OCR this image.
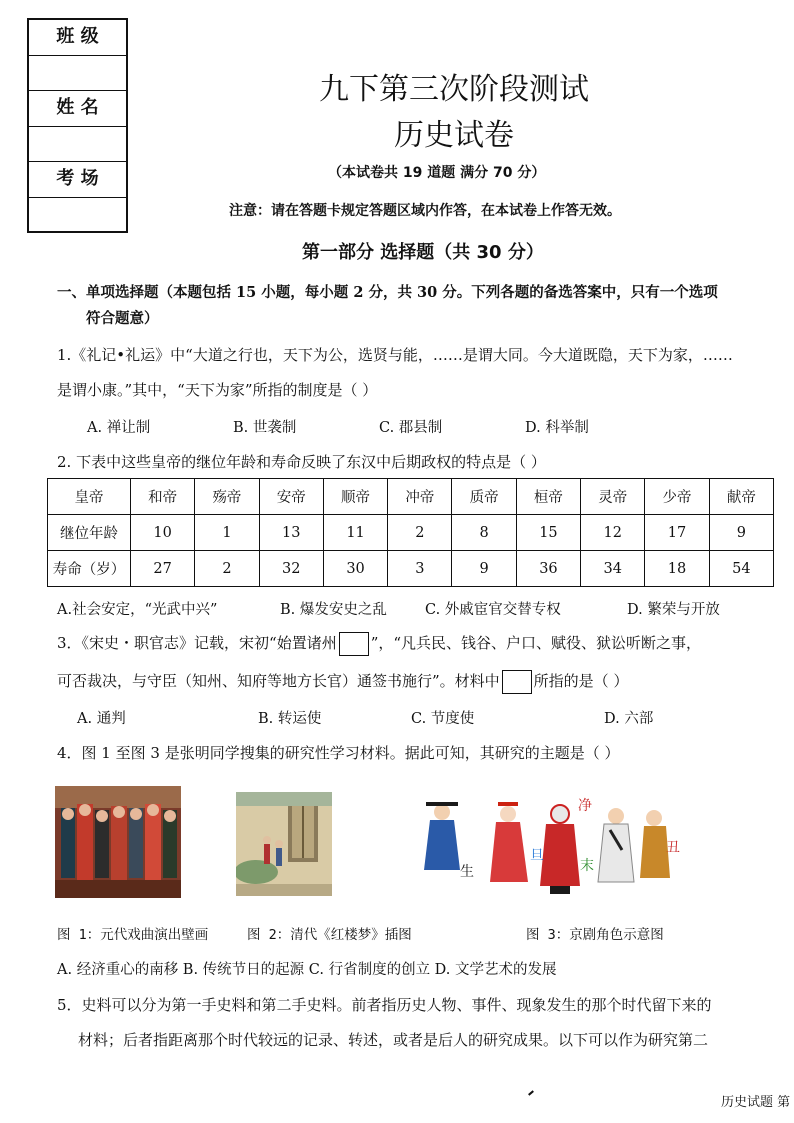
班 级
姓 名
考 场
九下第三次阶段测试
历史试卷
（本试卷共 19 道题 满分 70 分）
注意：请在答题卡规定答题区域内作答，在本试卷上作答无效。
第一部分 选择题（共 30 分）
一、单项选择题（本题包括 15 小题，每小题 2 分，共 30 分。下列各题的备选答案中，只有一个选项
符合题意）
1.《礼记•礼运》中“大道之行也，天下为公，选贤与能，……是谓大同。今大道既隐，天下为家，……
是谓小康。”其中，“天下为家”所指的制度是（ ）
A. 禅让制	B. 世袭制	C. 郡县制	D. 科举制
2. 下表中这些皇帝的继位年龄和寿命反映了东汉中后期政权的特点是（ ）
皇帝	和帝	殇帝	安帝	顺帝	冲帝	质帝	桓帝	灵帝	少帝	献帝
继位年龄	10	1	13	11	2	8	15	12	17	9
寿命（岁）	27	2	32	30	3	9	36	34	18	54
A.社会安定，“光武中兴”	B. 爆发安史之乱	C. 外戚宦官交替专权	D. 繁荣与开放
3．《宋史・职官志》记载，宋初“始置诸州 ”，“凡兵民、钱谷、户口、赋役、狱讼听断之事，
可否裁决，与守臣（知州、知府等地方长官）通签书施行”。材料中 所指的是（ ）
A. 通判	B. 转运使	C. 节度使	D. 六部
4．图 1 至图 3 是张明同学搜集的研究性学习材料。据此可知，其研究的主题是（ ）
生
旦
净
末
丑
图 1：元代戏曲演出壁画	图 2：清代《红楼梦》插图	图 3：京剧角色示意图
A. 经济重心的南移 B. 传统节日的起源 C. 行省制度的创立 D. 文学艺术的发展
5．史料可以分为第一手史料和第二手史料。前者指历史人物、事件、现象发生的那个时代留下来的
材料；后者指距离那个时代较远的记录、转述，或者是后人的研究成果。以下可以作为研究第二
历史试题 第
